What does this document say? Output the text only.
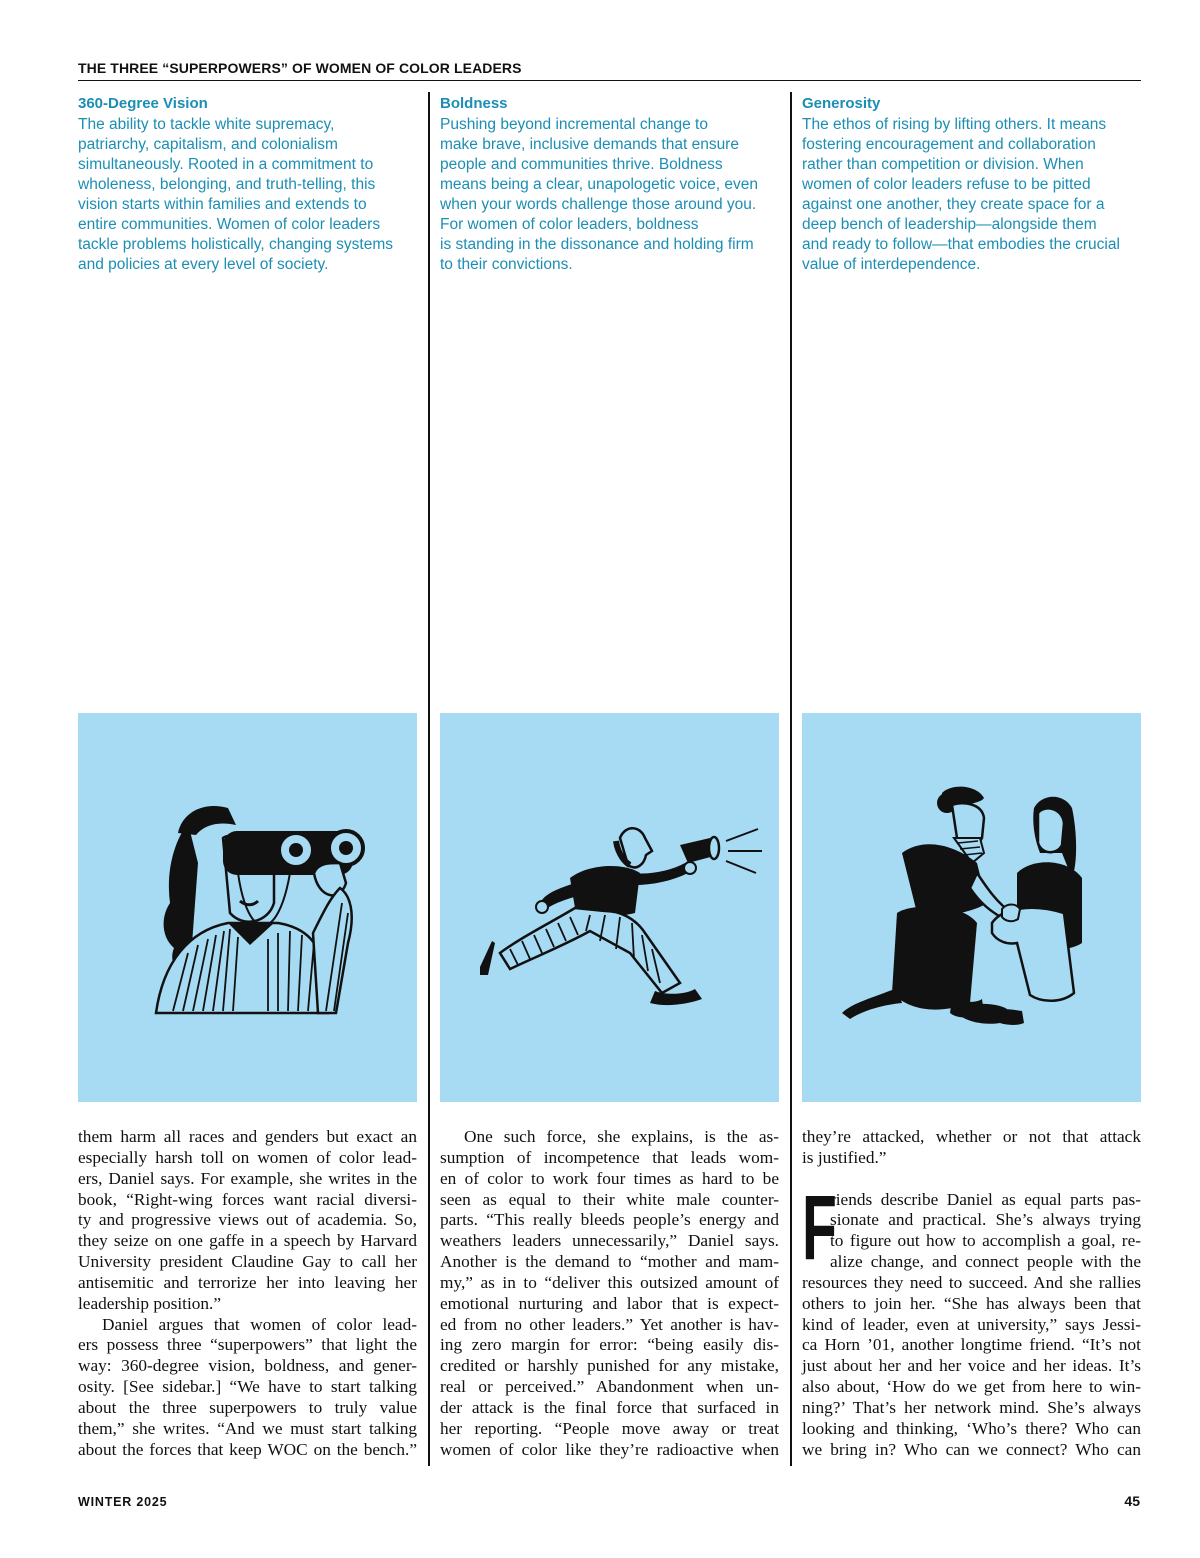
THE THREE “SUPERPOWERS” OF WOMEN OF COLOR LEADERS
360-Degree Vision
The ability to tackle white supremacy,
patriarchy, capitalism, and colonialism
simultaneously. Rooted in a commitment to
wholeness, belonging, and truth-telling, this
vision starts within families and extends to
entire communities. Women of color leaders
tackle problems holistically, changing systems
and policies at every level of society.
Boldness
Pushing beyond incremental change to
make brave, inclusive demands that ensure
people and communities thrive. Boldness
means being a clear, unapologetic voice, even
when your words challenge those around you.
For women of color leaders, boldness
is standing in the dissonance and holding firm
to their convictions.
Generosity
The ethos of rising by lifting others. It means
fostering encouragement and collaboration
rather than competition or division. When
women of color leaders refuse to be pitted
against one another, they create space for a
deep bench of leadership—alongside them
and ready to follow—that embodies the crucial
value of interdependence.
them harm all races and genders but exact an
especially harsh toll on women of color lead-
ers, Daniel says. For example, she writes in the
book, “Right-wing forces want racial diversi-
ty and progressive views out of academia. So,
they seize on one gaffe in a speech by Harvard
University president Claudine Gay to call her
antisemitic and terrorize her into leaving her
leadership position.”
Daniel argues that women of color lead-
ers possess three “superpowers” that light the
way: 360-degree vision, boldness, and gener-
osity. [See sidebar.] “We have to start talking
about the three superpowers to truly value
them,” she writes. “And we must start talking
about the forces that keep WOC on the bench.”
One such force, she explains, is the as-
sumption of incompetence that leads wom-
en of color to work four times as hard to be
seen as equal to their white male counter-
parts. “This really bleeds people’s energy and
weathers leaders unnecessarily,” Daniel says.
Another is the demand to “mother and mam-
my,” as in to “deliver this outsized amount of
emotional nurturing and labor that is expect-
ed from no other leaders.” Yet another is hav-
ing zero margin for error: “being easily dis-
credited or harshly punished for any mistake,
real or perceived.” Abandonment when un-
der attack is the final force that surfaced in
her reporting. “People move away or treat
women of color like they’re radioactive when
they’re attacked, whether or not that attack
is justified.”
riends describe Daniel as equal parts pas-
sionate and practical. She’s always trying
to figure out how to accomplish a goal, re-
alize change, and connect people with the
resources they need to succeed. And she rallies
others to join her. “She has always been that
kind of leader, even at university,” says Jessi-
ca Horn ’01, another longtime friend. “It’s not
just about her and her voice and her ideas. It’s
also about, ‘How do we get from here to win-
ning?’ That’s her network mind. She’s always
looking and thinking, ‘Who’s there? Who can
we bring in? Who can we connect? Who can
F
WINTER 2025	45
